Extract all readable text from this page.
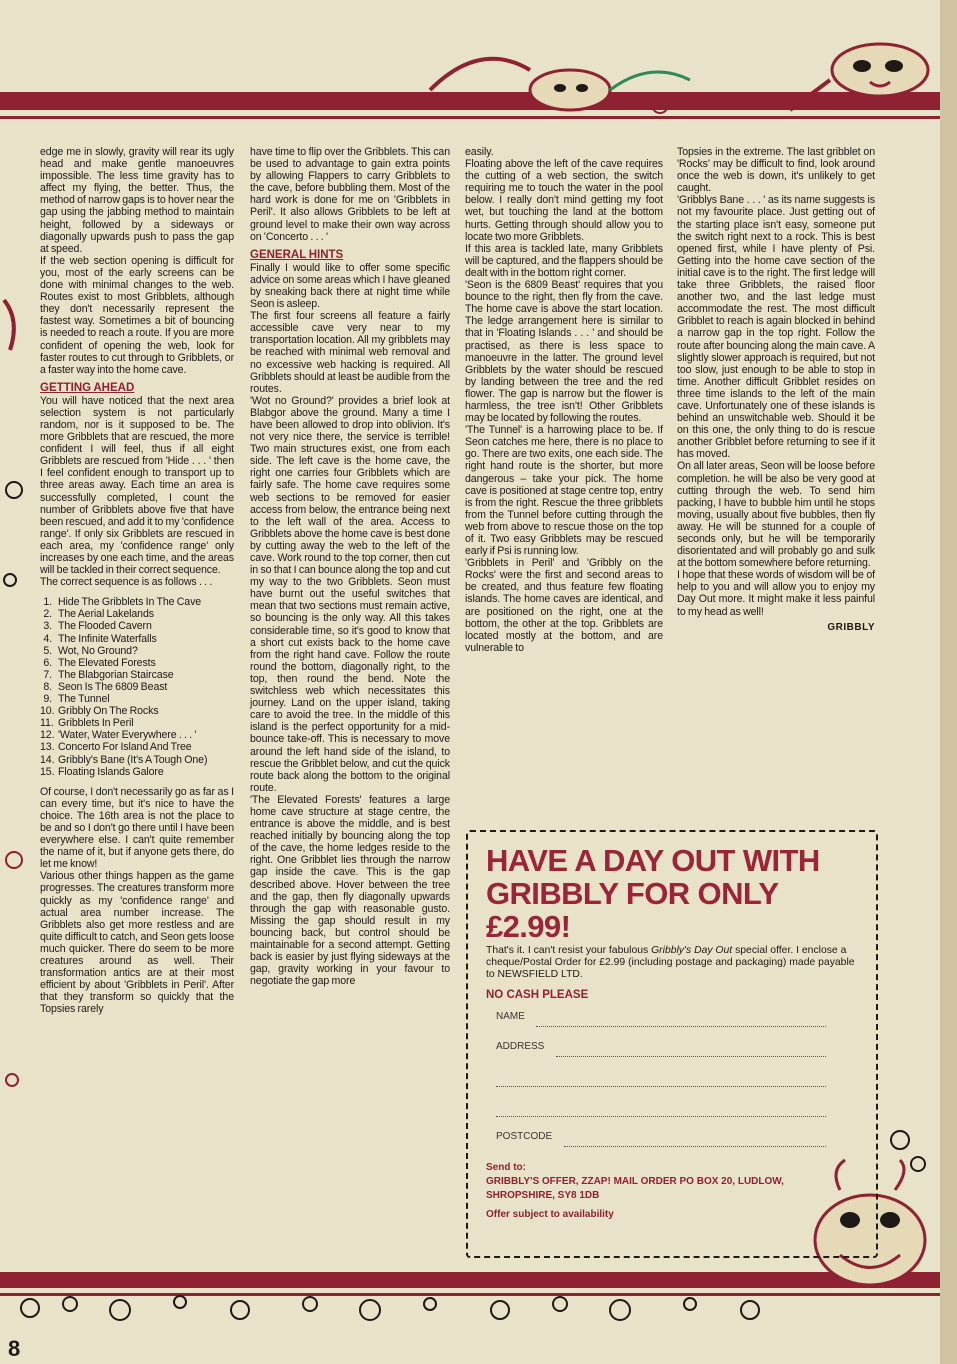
edge me in slowly, gravity will rear its ugly head and make gentle manoeuvres impossible. The less time gravity has to affect my flying, the better. Thus, the method of narrow gaps is to hover near the gap using the jabbing method to maintain height, followed by a sideways or diagonally upwards push to pass the gap at speed.

If the web section opening is difficult for you, most of the early screens can be done with minimal changes to the web. Routes exist to most Gribblets, although they don't necessarily represent the fastest way. Sometimes a bit of bouncing is needed to reach a route. If you are more confident of opening the web, look for faster routes to cut through to Gribblets, or a faster way into the home cave.

GETTING AHEAD

You will have noticed that the next area selection system is not particularly random, nor is it supposed to be. The more Gribblets that are rescued, the more confident I will feel, thus if all eight Gribblets are rescued from 'Hide . . . ' then I feel confident enough to transport up to three areas away. Each time an area is successfully completed, I count the number of Gribblets above five that have been rescued, and add it to my 'confidence range'. If only six Gribblets are rescued in each area, my 'confidence range' only increases by one each time, and the areas will be tackled in their correct sequence.

The correct sequence is as follows . . .

1. Hide The Gribblets In The Cave
2. The Aerial Lakelands
3. The Flooded Cavern
4. The Infinite Waterfalls
5. Wot, No Ground?
6. The Elevated Forests
7. The Blabgorian Staircase
8. Seon Is The 6809 Beast
9. The Tunnel
10. Gribbly On The Rocks
11. Gribblets In Peril
12. 'Water, Water Everywhere . . . '
13. Concerto For Island And Tree
14. Gribbly's Bane (It's A Tough One)
15. Floating Islands Galore

Of course, I don't necessarily go as far as I can every time, but it's nice to have the choice. The 16th area is not the place to be and so I don't go there until I have been everywhere else. I can't quite remember the name of it, but if anyone gets there, do let me know!

Various other things happen as the game progresses. The creatures transform more quickly as my 'confidence range' and actual area number increase. The Gribblets also get more restless and are quite difficult to catch, and Seon gets loose much quicker. There do seem to be more creatures around as well. Their transformation antics are at their most efficient by about 'Gribblets in Peril'. After that they transform so quickly that the Topsies rarely

have time to flip over the Gribblets. This can be used to advantage to gain extra points by allowing Flappers to carry Gribblets to the cave, before bubbling them. Most of the hard work is done for me on 'Gribblets in Peril'. It also allows Gribblets to be left at ground level to make their own way across on 'Concerto . . . '

GENERAL HINTS

Finally I would like to offer some specific advice on some areas which I have gleaned by sneaking back there at night time while Seon is asleep.

The first four screens all feature a fairly accessible cave very near to my transportation location. All my gribblets may be reached with minimal web removal and no excessive web hacking is required. All Gribblets should at least be audible from the routes.

'Wot no Ground?' provides a brief look at Blabgor above the ground. Many a time I have been allowed to drop into oblivion. It's not very nice there, the service is terrible! Two main structures exist, one from each side. The left cave is the home cave, the right one carries four Gribblets which are fairly safe. The home cave requires some web sections to be removed for easier access from below, the entrance being next to the left wall of the area. Access to Gribblets above the home cave is best done by cutting away the web to the left of the cave. Work round to the top corner, then cut in so that I can bounce along the top and cut my way to the two Gribblets. Seon must have burnt out the useful switches that mean that two sections must remain active, so bouncing is the only way. All this takes considerable time, so it's good to know that a short cut exists back to the home cave from the right hand cave. Follow the route round the bottom, diagonally right, to the top, then round the bend. Note the switchless web which necessitates this journey. Land on the upper island, taking care to avoid the tree. In the middle of this island is the perfect opportunity for a mid-bounce take-off. This is necessary to move around the left hand side of the island, to rescue the Gribblet below, and cut the quick route back along the bottom to the original route.

'The Elevated Forests' features a large home cave structure at stage centre, the entrance is above the middle, and is best reached initially by bouncing along the top of the cave, the home ledges reside to the right. One Gribblet lies through the narrow gap inside the cave. This is the gap described above. Hover between the tree and the gap, then fly diagonally upwards through the gap with reasonable gusto. Missing the gap should result in my bouncing back, but control should be maintainable for a second attempt. Getting back is easier by just flying sideways at the gap, gravity working in your favour to negotiate the gap more

easily.

Floating above the left of the cave requires the cutting of a web section, the switch requiring me to touch the water in the pool below. I really don't mind getting my foot wet, but touching the land at the bottom hurts. Getting through should allow you to locate two more Gribblets.

If this area is tackled late, many Gribblets will be captured, and the flappers should be dealt with in the bottom right corner.

'Seon is the 6809 Beast' requires that you bounce to the right, then fly from the cave. The home cave is above the start location. The ledge arrangement here is similar to that in 'Floating Islands . . . ' and should be practised, as there is less space to manoeuvre in the latter. The ground level Gribblets by the water should be rescued by landing between the tree and the red flower. The gap is narrow but the flower is harmless, the tree isn't! Other Gribblets may be located by following the routes.

'The Tunnel' is a harrowing place to be. If Seon catches me here, there is no place to go. There are two exits, one each side. The right hand route is the shorter, but more dangerous – take your pick. The home cave is positioned at stage centre top, entry is from the right. Rescue the three gribblets from the Tunnel before cutting through the web from above to rescue those on the top of it. Two easy Gribblets may be rescued early if Psi is running low.

'Gribblets in Peril' and 'Gribbly on the Rocks' were the first and second areas to be created, and thus feature few floating islands. The home caves are identical, and are positioned on the right, one at the bottom, the other at the top. Gribblets are located mostly at the bottom, and are vulnerable to

Topsies in the extreme. The last gribblet on 'Rocks' may be difficult to find, look around once the web is down, it's unlikely to get caught.

'Gribblys Bane . . . ' as its name suggests is not my favourite place. Just getting out of the starting place isn't easy, someone put the switch right next to a rock. This is best opened first, while I have plenty of Psi. Getting into the home cave section of the initial cave is to the right. The first ledge will take three Gribblets, the raised floor another two, and the last ledge must accommodate the rest. The most difficult Gribblet to reach is again blocked in behind a narrow gap in the top right. Follow the route after bouncing along the main cave. A slightly slower approach is required, but not too slow, just enough to be able to stop in time. Another difficult Gribblet resides on three time islands to the left of the main cave. Unfortunately one of these islands is behind an unswitchable web. Should it be on this one, the only thing to do is rescue another Gribblet before returning to see if it has moved.

On all later areas, Seon will be loose before completion. he will be also be very good at cutting through the web. To send him packing, I have to bubble him until he stops moving, usually about five bubbles, then fly away. He will be stunned for a couple of seconds only, but he will be temporarily disorientated and will probably go and sulk at the bottom somewhere before returning.

I hope that these words of wisdom will be of help to you and will allow you to enjoy my Day Out more. It might make it less painful to my head as well!

GRIBBLY
HAVE A DAY OUT WITH
GRIBBLY FOR ONLY
£2.99!
That's it. I can't resist your fabulous Gribbly's Day Out special offer. I enclose a cheque/Postal Order for £2.99 (including postage and packaging) made payable to NEWSFIELD LTD.
NO CASH PLEASE
NAME
ADDRESS
POSTCODE
Send to:
GRIBBLY'S OFFER, ZZAP! MAIL ORDER PO BOX 20, LUDLOW,
SHROPSHIRE, SY8 1DB
Offer subject to availability
8
